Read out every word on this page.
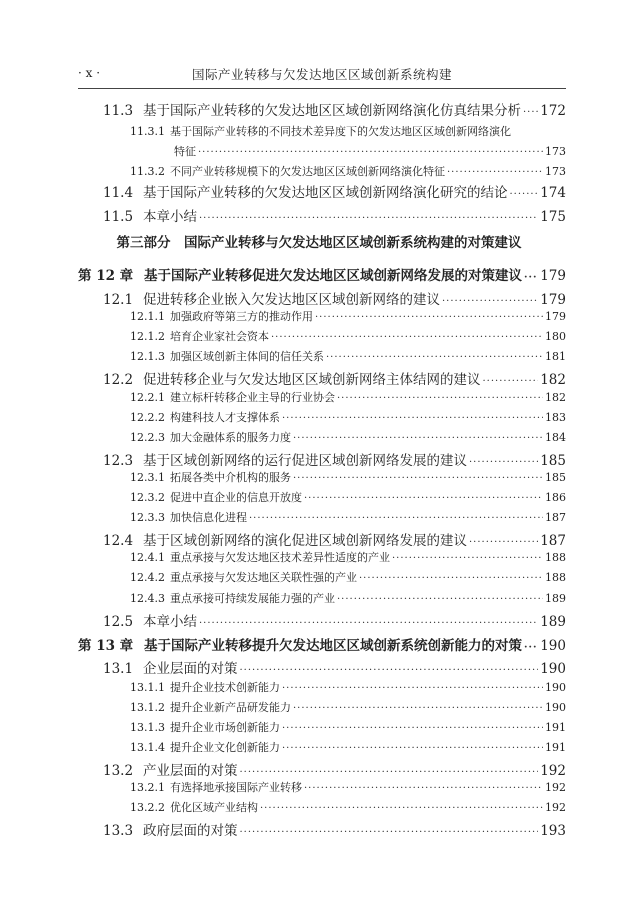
· x ·	国际产业转移与欠发达地区区域创新系统构建
11.3 基于国际产业转移的欠发达地区区域创新网络演化仿真结果分析 ····· 172
11.3.1 基于国际产业转移的不同技术差异度下的欠发达地区区域创新网络演化
特征 ·····	173
11.3.2 不同产业转移规模下的欠发达地区区域创新网络演化特征 ·····	173
11.4 基于国际产业转移的欠发达地区区域创新网络演化研究的结论 ····· 174
11.5 本章小结 ·····	175
第三部分　国际产业转移与欠发达地区区域创新系统构建的对策建议
第 12 章 基于国际产业转移促进欠发达地区区域创新网络发展的对策建议 ····· 179
12.1 促进转移企业嵌入欠发达地区区域创新网络的建议 ·····	179
12.1.1 加强政府等第三方的推动作用 ·····	179
12.1.2 培育企业家社会资本 ·····	180
12.1.3 加强区域创新主体间的信任关系 ·····	181
12.2 促进转移企业与欠发达地区区域创新网络主体结网的建议 ·····	182
12.2.1 建立标杆转移企业主导的行业协会 ·····	182
12.2.2 构建科技人才支撑体系 ·····	183
12.2.3 加大金融体系的服务力度 ·····	184
12.3 基于区域创新网络的运行促进区域创新网络发展的建议 ·····	185
12.3.1 拓展各类中介机构的服务 ·····	185
12.3.2 促进中直企业的信息开放度 ·····	186
12.3.3 加快信息化进程 ·····	187
12.4 基于区域创新网络的演化促进区域创新网络发展的建议 ·····	187
12.4.1 重点承接与欠发达地区技术差异性适度的产业 ·····	188
12.4.2 重点承接与欠发达地区关联性强的产业 ·····	188
12.4.3 重点承接可持续发展能力强的产业 ·····	189
12.5 本章小结 ·····	189
第 13 章 基于国际产业转移提升欠发达地区区域创新系统创新能力的对策 ····· 190
13.1 企业层面的对策 ·····	190
13.1.1 提升企业技术创新能力 ·····	190
13.1.2 提升企业新产品研发能力 ·····	190
13.1.3 提升企业市场创新能力 ·····	191
13.1.4 提升企业文化创新能力 ·····	191
13.2 产业层面的对策 ·····	192
13.2.1 有选择地承接国际产业转移 ·····	192
13.2.2 优化区域产业结构 ·····	192
13.3 政府层面的对策 ·····	193
